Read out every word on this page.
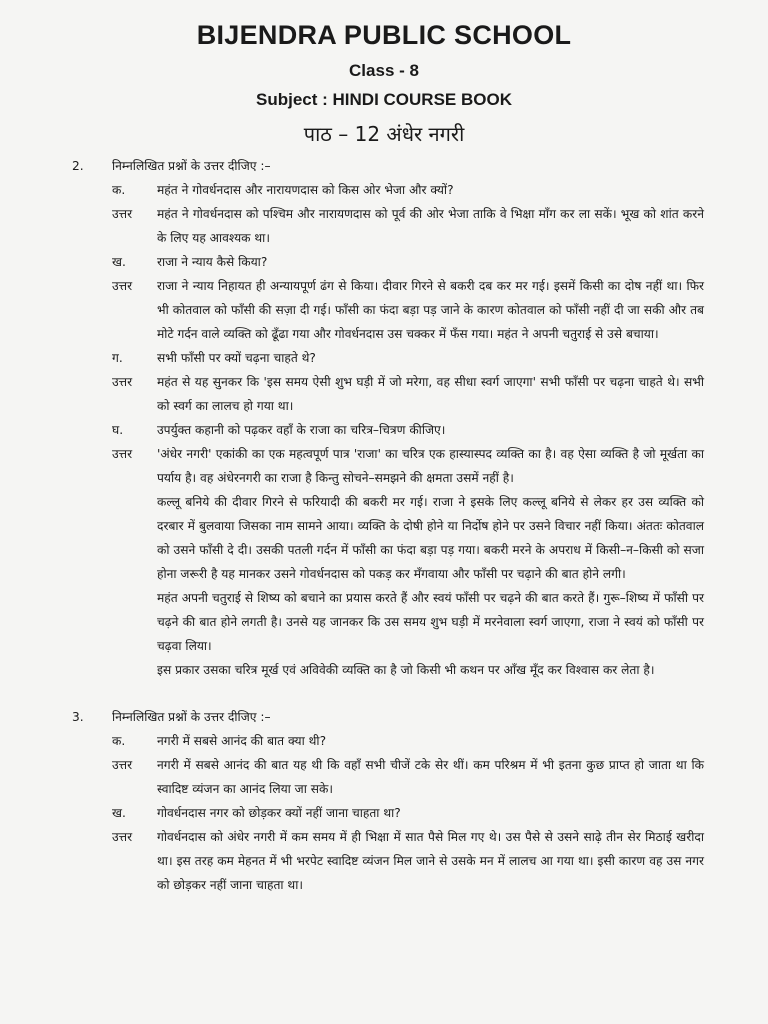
BIJENDRA PUBLIC SCHOOL
Class - 8
Subject : HINDI COURSE BOOK
पाठ – 12 अंधेर नगरी
2. निम्नलिखित प्रश्नों के उत्तर दीजिए :–
क.	महंत ने गोवर्धनदास और नारायणदास को किस ओर भेजा और क्यों?
उत्तर महंत ने गोवर्धनदास को पश्चिम और नारायणदास को पूर्व की ओर भेजा ताकि वे भिक्षा माँग कर ला सकें। भूख को शांत करने के लिए यह आवश्यक था।
ख.	राजा ने न्याय कैसे किया?
उत्तर राजा ने न्याय निहायत ही अन्यायपूर्ण ढंग से किया। दीवार गिरने से बकरी दब कर मर गई। इसमें किसी का दोष नहीं था। फिर भी कोतवाल को फाँसी की सज़ा दी गई। फाँसी का फंदा बड़ा पड़ जाने के कारण कोतवाल को फाँसी नहीं दी जा सकी और तब मोटे गर्दन वाले व्यक्ति को ढूँढा गया और गोवर्धनदास उस चक्कर में फँस गया। महंत ने अपनी चतुराई से उसे बचाया।
ग.	सभी फाँसी पर क्यों चढ़ना चाहते थे?
उत्तर महंत से यह सुनकर कि 'इस समय ऐसी शुभ घड़ी में जो मरेगा, वह सीधा स्वर्ग जाएगा' सभी फाँसी पर चढ़ना चाहते थे। सभी को स्वर्ग का लालच हो गया था।
घ.	उपर्युक्त कहानी को पढ़कर वहाँ के राजा का चरित्र–चित्रण कीजिए।
उत्तर 'अंधेर नगरी' एकांकी का एक महत्वपूर्ण पात्र 'राजा' का चरित्र एक हास्यास्पद व्यक्ति का है। वह ऐसा व्यक्ति है जो मूर्खता का पर्याय है। वह अंधेरनगरी का राजा है किन्तु सोचने–समझने की क्षमता उसमें नहीं है।
कल्लू बनिये की दीवार गिरने से फरियादी की बकरी मर गई। राजा ने इसके लिए कल्लू बनिये से लेकर हर उस व्यक्ति को दरबार में बुलवाया जिसका नाम सामने आया। व्यक्ति के दोषी होने या निर्दोष होने पर उसने विचार नहीं किया। अंततः कोतवाल को उसने फाँसी दे दी। उसकी पतली गर्दन में फाँसी का फंदा बड़ा पड़ गया। बकरी मरने के अपराध में किसी–न–किसी को सजा होना जरूरी है यह मानकर उसने गोवर्धनदास को पकड़ कर मँगवाया और फाँसी पर चढ़ाने की बात होने लगी।
महंत अपनी चतुराई से शिष्य को बचाने का प्रयास करते हैं और स्वयं फाँसी पर चढ़ने की बात करते हैं। गुरू–शिष्य में फाँसी पर चढ़ने की बात होने लगती है। उनसे यह जानकर कि उस समय शुभ घड़ी में मरनेवाला स्वर्ग जाएगा, राजा ने स्वयं को फाँसी पर चढ़वा लिया।
इस प्रकार उसका चरित्र मूर्ख एवं अविवेकी व्यक्ति का है जो किसी भी कथन पर आँख मूँद कर विश्वास कर लेता है।
3. निम्नलिखित प्रश्नों के उत्तर दीजिए :–
क.	नगरी में सबसे आनंद की बात क्या थी?
उत्तर नगरी में सबसे आनंद की बात यह थी कि वहाँ सभी चीजें टके सेर थीं। कम परिश्रम में भी इतना कुछ प्राप्त हो जाता था कि स्वादिष्ट व्यंजन का आनंद लिया जा सके।
ख.	गोवर्धनदास नगर को छोड़कर क्यों नहीं जाना चाहता था?
उत्तर गोवर्धनदास को अंधेर नगरी में कम समय में ही भिक्षा में सात पैसे मिल गए थे। उस पैसे से उसने साढ़े तीन सेर मिठाई खरीदा था। इस तरह कम मेहनत में भी भरपेट स्वादिष्ट व्यंजन मिल जाने से उसके मन में लालच आ गया था। इसी कारण वह उस नगर को छोड़कर नहीं जाना चाहता था।
